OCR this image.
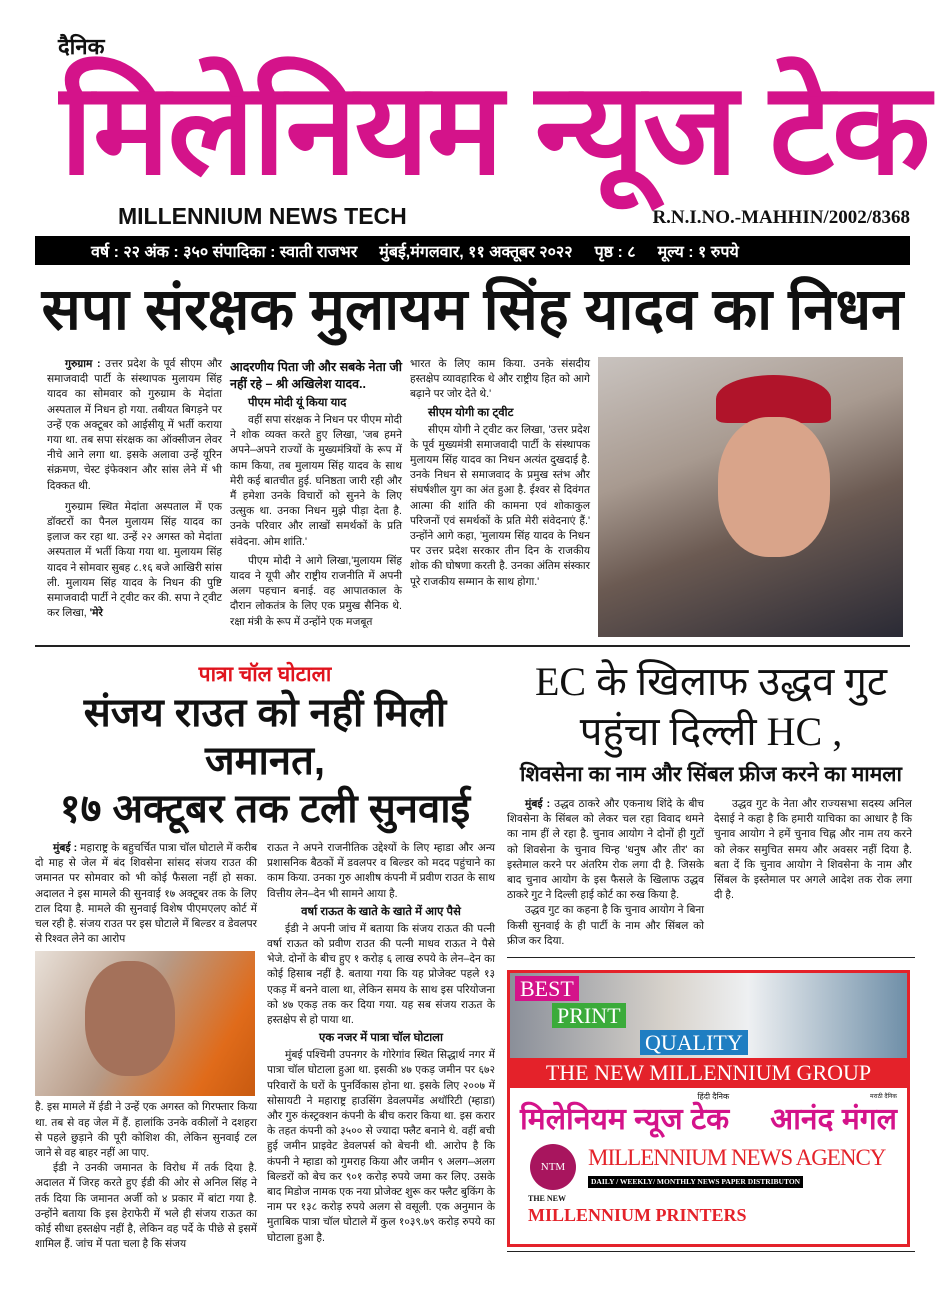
दैनिक
मिलेनियम न्यूज टेक
MILLENNIUM NEWS TECH	R.N.I.NO.-MAHHIN/2002/8368
वर्ष : २२ अंक : ३५० संपादिका : स्वाती राजभर मुंबई,मंगलवार, ११ अक्तूबर २०२२ पृष्ठ : ८ मूल्य : १ रुपये
सपा संरक्षक मुलायम सिंह यादव का निधन

गुरुग्राम : उत्तर प्रदेश के पूर्व सीएम और समाजवादी पार्टी के संस्थापक मुलायम सिंह यादव का सोमवार को गुरुग्राम के मेदांता अस्पताल में निधन हो गया. तबीयत बिगड़ने पर उन्हें एक अक्टूबर को आईसीयू में भर्ती कराया गया था. तब सपा संरक्षक का ऑक्सीजन लेवर नीचे आने लगा था. इसके अलावा उन्हें यूरिन संक्रमण, चेस्ट इंफेक्शन और सांस लेने में भी दिक्कत थी.

गुरुग्राम स्थित मेदांता अस्पताल में एक डॉक्टरों का पैनल मुलायम सिंह यादव का इलाज कर रहा था. उन्हें २२ अगस्त को मेदांता अस्पताल में भर्ती किया गया था. मुलायम सिंह यादव ने सोमवार सुबह ८.१६ बजे आखिरी सांस ली. मुलायम सिंह यादव के निधन की पुष्टि समाजवादी पार्टी ने ट्वीट कर की. सपा ने ट्वीट कर लिखा, 'मेरे

आदरणीय पिता जी और सबके नेता जी नहीं रहे – श्री अखिलेश यादव..
पीएम मोदी यूं किया याद

वहीं सपा संरक्षक ने निधन पर पीएम मोदी ने शोक व्यक्त करते हुए लिखा, 'जब हमने अपने–अपने राज्यों के मुख्यमंत्रियों के रूप में काम किया, तब मुलायम सिंह यादव के साथ मेरी कई बातचीत हुई. घनिष्ठता जारी रही और मैं हमेशा उनके विचारों को सुनने के लिए उत्सुक था. उनका निधन मुझे पीड़ा देता है. उनके परिवार और लाखों समर्थकों के प्रति संवेदना. ओम शांति.'

पीएम मोदी ने आगे लिखा,'मुलायम सिंह यादव ने यूपी और राष्ट्रीय राजनीति में अपनी अलग पहचान बनाई. वह आपातकाल के दौरान लोकतंत्र के लिए एक प्रमुख सैनिक थे. रक्षा मंत्री के रूप में उन्होंने एक मजबूत

भारत के लिए काम किया. उनके संसदीय हस्तक्षेप व्यावहारिक थे और राष्ट्रीय हित को आगे बढ़ाने पर जोर देते थे.'

सीएम योगी का ट्वीट

सीएम योगी ने ट्वीट कर लिखा, 'उत्तर प्रदेश के पूर्व मुख्यमंत्री समाजवादी पार्टी के संस्थापक मुलायम सिंह यादव का निधन अत्यंत दुखदाई है. उनके निधन से समाजवाद के प्रमुख स्तंभ और संघर्षशील युग का अंत हुआ है. ईश्वर से दिवंगत आत्मा की शांति की कामना एवं शोकाकुल परिजनों एवं समर्थकों के प्रति मेरी संवेदनाएं हैं.' उन्होंने आगे कहा, 'मुलायम सिंह यादव के निधन पर उत्तर प्रदेश सरकार तीन दिन के राजकीय शोक की घोषणा करती है. उनका अंतिम संस्कार पूरे राजकीय सम्मान के साथ होगा.'

पात्रा चॉल घोटाला
संजय राउत को नहीं मिली जमानत,
१७ अक्टूबर तक टली सुनवाई

मुंबई : महाराष्ट्र के बहुचर्चित पात्रा चॉल घोटाले में करीब दो माह से जेल में बंद शिवसेना सांसद संजय राउत की जमानत पर सोमवार को भी कोई फैसला नहीं हो सका. अदालत ने इस मामले की सुनवाई १७ अक्टूबर तक के लिए टाल दिया है. मामले की सुनवाई विशेष पीएमएलए कोर्ट में चल रही है. संजय राउत पर इस घोटाले में बिल्डर व डेवलपर से रिश्वत लेने का आरोप

है. इस मामले में ईडी ने उन्हें एक अगस्त को गिरफ्तार किया था. तब से वह जेल में हैं. हालांकि उनके वकीलों ने दशहरा से पहले छुड़ाने की पूरी कोशिश की, लेकिन सुनवाई टल जाने से वह बाहर नहीं आ पाए.

ईडी ने उनकी जमानत के विरोध में तर्क दिया है. अदालत में जिरह करते हुए ईडी की ओर से अनिल सिंह ने तर्क दिया कि जमानत अर्जी को ४ प्रकार में बांटा गया है. उन्होंने बताया कि इस हेराफेरी में भले ही संजय राऊत का कोई सीधा हस्तक्षेप नहीं है, लेकिन वह पर्दे के पीछे से इसमें शामिल हैं. जांच में पता चला है कि संजय

राऊत ने अपने राजनीतिक उद्देश्यों के लिए म्हाडा और अन्य प्रशासनिक बैठकों में डवलपर व बिल्डर को मदद पहुंचाने का काम किया. उनका गुरु आशीष कंपनी में प्रवीण राउत के साथ वित्तीय लेन–देन भी सामने आया है.

वर्षा राऊत के खाते के खाते में आए पैसे

ईडी ने अपनी जांच में बताया कि संजय राऊत की पत्नी वर्षा राऊत को प्रवीण राउत की पत्नी माधव राऊत ने पैसे भेजे. दोनों के बीच हुए १ करोड़ ६ लाख रुपये के लेन–देन का कोई हिसाब नहीं है. बताया गया कि यह प्रोजेक्ट पहले १३ एकड़ में बनने वाला था, लेकिन समय के साथ इस परियोजना को ४७ एकड़ तक कर दिया गया. यह सब संजय राऊत के हस्तक्षेप से हो पाया था.

एक नजर में पात्रा चॉल घोटाला

मुंबई पश्चिमी उपनगर के गोरेगांव स्थित सिद्धार्थ नगर में पात्रा चॉल घोटाला हुआ था. इसकी ४७ एकड़ जमीन पर ६७२ परिवारों के घरों के पुनर्विकास होना था. इसके लिए २००७ में सोसायटी ने महाराष्ट्र हाउसिंग डेवलपमेंड अथॉरिटी (म्हाडा) और गुरु कंस्ट्रक्शन कंपनी के बीच करार किया था. इस करार के तहत कंपनी को ३५०० से ज्यादा फ्लैट बनाने थे. वहीं बची हुई जमीन प्राइवेट डेवलपर्स को बेचनी थी. आरोप है कि कंपनी ने म्हाडा को गुमराह किया और जमीन ९ अलग–अलग बिल्डरों को बेच कर ९०१ करोड़ रुपये जमा कर लिए. उसके बाद मिडोज नामक एक नया प्रोजेक्ट शुरू कर फ्लैट बुकिंग के नाम पर १३८ करोड़ रुपये अलग से वसूली. एक अनुमान के मुताबिक पात्रा चॉल घोटाले में कुल १०३९.७९ करोड़ रुपये का घोटाला हुआ है.

EC के खिलाफ उद्धव गुट
पहुंचा दिल्ली HC ,
शिवसेना का नाम और सिंबल फ्रीज करने का मामला

मुंबई : उद्धव ठाकरे और एकनाथ शिंदे के बीच शिवसेना के सिंबल को लेकर चल रहा विवाद थमने का नाम हीं ले रहा है. चुनाव आयोग ने दोनों ही गुटों को शिवसेना के चुनाव चिन्ह 'धनुष और तीर' का इस्तेमाल करने पर अंतरिम रोक लगा दी है. जिसके बाद चुनाव आयोग के इस फैसले के खिलाफ उद्धव ठाकरे गुट ने दिल्ली हाई कोर्ट का रुख किया है.

उद्धव गुट का कहना है कि चुनाव आयोग ने बिना किसी सुनवाई के ही पार्टी के नाम और सिंबल को फ्रीज कर दिया.

उद्धव गुट के नेता और राज्यसभा सदस्य अनिल देसाई ने कहा है कि हमारी याचिका का आधार है कि चुनाव आयोग ने हमें चुनाव चिह्न और नाम तय करने को लेकर समुचित समय और अवसर नहीं दिया है. बता दें कि चुनाव आयोग ने शिवसेना के नाम और सिंबल के इस्तेमाल पर अगले आदेश तक रोक लगा दी है.

BEST
PRINT
QUALITY
THE NEW MILLENNIUM GROUP
हिंदी दैनिक
मिलेनियम न्यूज टेक
मराठी दैनिक
आनंद मंगल
NTM MILLENNIUM NEWS AGENCY
DAILY / WEEKLY/ MONTHLY NEWS PAPER DISTRIBUTON
THE NEW
MILLENNIUM PRINTERS
